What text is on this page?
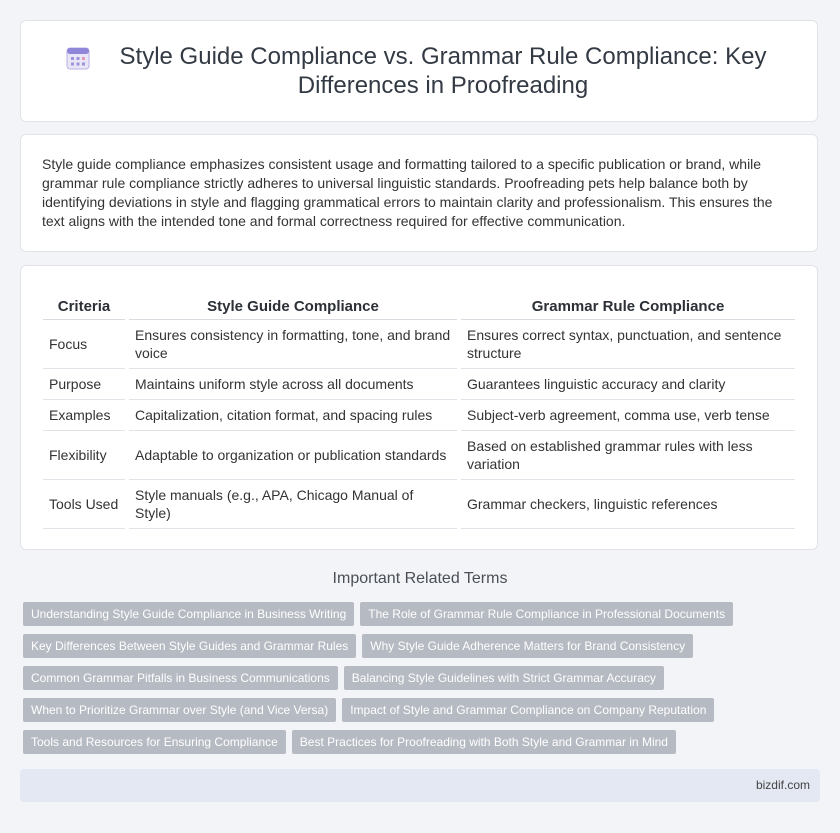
Style Guide Compliance vs. Grammar Rule Compliance: Key Differences in Proofreading

Style guide compliance emphasizes consistent usage and formatting tailored to a specific publication or brand, while grammar rule compliance strictly adheres to universal linguistic standards. Proofreading pets help balance both by identifying deviations in style and flagging grammatical errors to maintain clarity and professionalism. This ensures the text aligns with the intended tone and formal correctness required for effective communication.

Criteria	Style Guide Compliance	Grammar Rule Compliance
Focus	Ensures consistency in formatting, tone, and brand voice	Ensures correct syntax, punctuation, and sentence structure
Purpose	Maintains uniform style across all documents	Guarantees linguistic accuracy and clarity
Examples	Capitalization, citation format, and spacing rules	Subject-verb agreement, comma use, verb tense
Flexibility	Adaptable to organization or publication standards	Based on established grammar rules with less variation
Tools Used	Style manuals (e.g., APA, Chicago Manual of Style)	Grammar checkers, linguistic references
Important Related Terms
Understanding Style Guide Compliance in Business Writing The Role of Grammar Rule Compliance in Professional Documents
Key Differences Between Style Guides and Grammar Rules Why Style Guide Adherence Matters for Brand Consistency
Common Grammar Pitfalls in Business Communications Balancing Style Guidelines with Strict Grammar Accuracy
When to Prioritize Grammar over Style (and Vice Versa) Impact of Style and Grammar Compliance on Company Reputation
Tools and Resources for Ensuring Compliance Best Practices for Proofreading with Both Style and Grammar in Mind
bizdif.com
